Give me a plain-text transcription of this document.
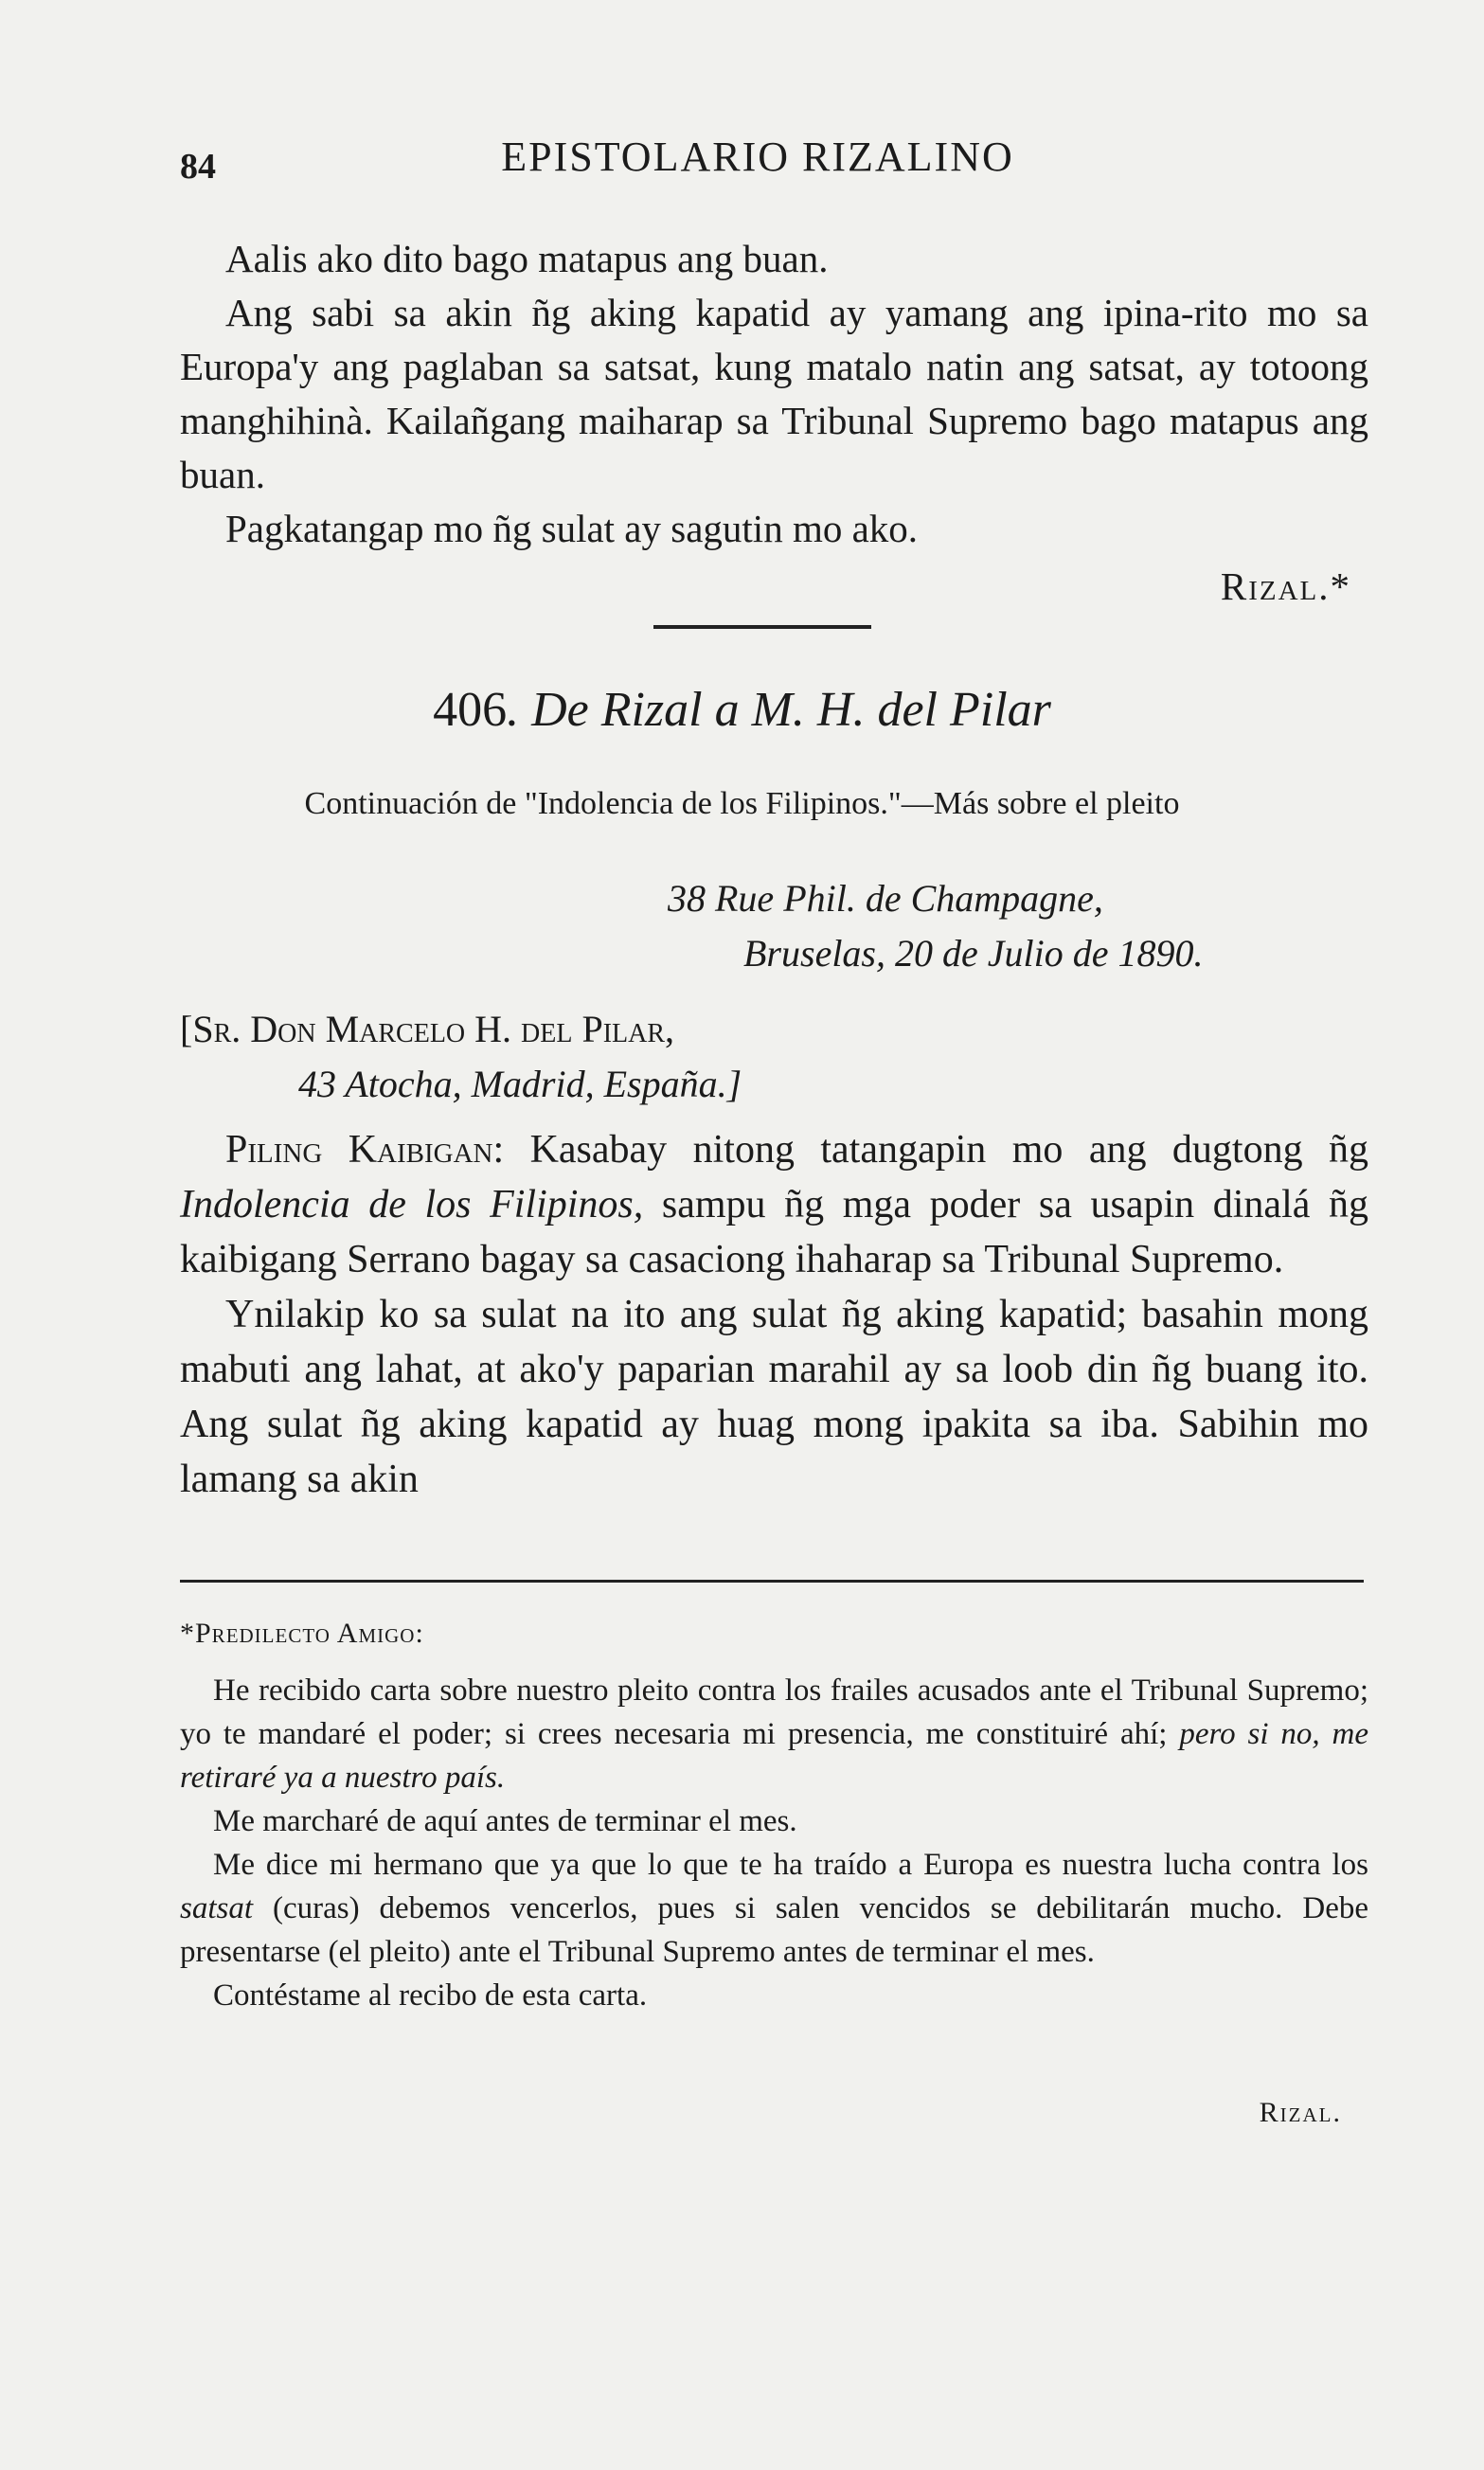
84	EPISTOLARIO RIZALINO

Aalis ako dito bago matapus ang buan.

Ang sabi sa akin ñg aking kapatid ay yamang ang ipina-rito mo sa Europa'y ang paglaban sa satsat, kung matalo natin ang satsat, ay totoong manghihinà. Kailañgang maiharap sa Tribunal Supremo bago matapus ang buan.

Pagkatangap mo ñg sulat ay sagutin mo ako.

Rizal.*
406. De Rizal a M. H. del Pilar
Continuación de "Indolencia de los Filipinos."—Más sobre el pleito
38 Rue Phil. de Champagne,
Bruselas, 20 de Julio de 1890.
[Sr. Don Marcelo H. del Pilar,
43 Atocha, Madrid, España.]

Piling Kaibigan: Kasabay nitong tatangapin mo ang dugtong ñg Indolencia de los Filipinos, sampu ñg mga poder sa usapin dinalá ñg kaibigang Serrano bagay sa casaciong ihaharap sa Tribunal Supremo.

Ynilakip ko sa sulat na ito ang sulat ñg aking kapatid; basahin mong mabuti ang lahat, at ako'y paparian marahil ay sa loob din ñg buang ito. Ang sulat ñg aking kapatid ay huag mong ipakita sa iba. Sabihin mo lamang sa akin

*Predilecto Amigo:

He recibido carta sobre nuestro pleito contra los frailes acusados ante el Tribunal Supremo; yo te mandaré el poder; si crees necesaria mi presencia, me constituiré ahí; pero si no, me retiraré ya a nuestro país.

Me marcharé de aquí antes de terminar el mes.

Me dice mi hermano que ya que lo que te ha traído a Europa es nuestra lucha contra los satsat (curas) debemos vencerlos, pues si salen vencidos se debilitarán mucho. Debe presentarse (el pleito) ante el Tribunal Supremo antes de terminar el mes.

Contéstame al recibo de esta carta.

Rizal.
